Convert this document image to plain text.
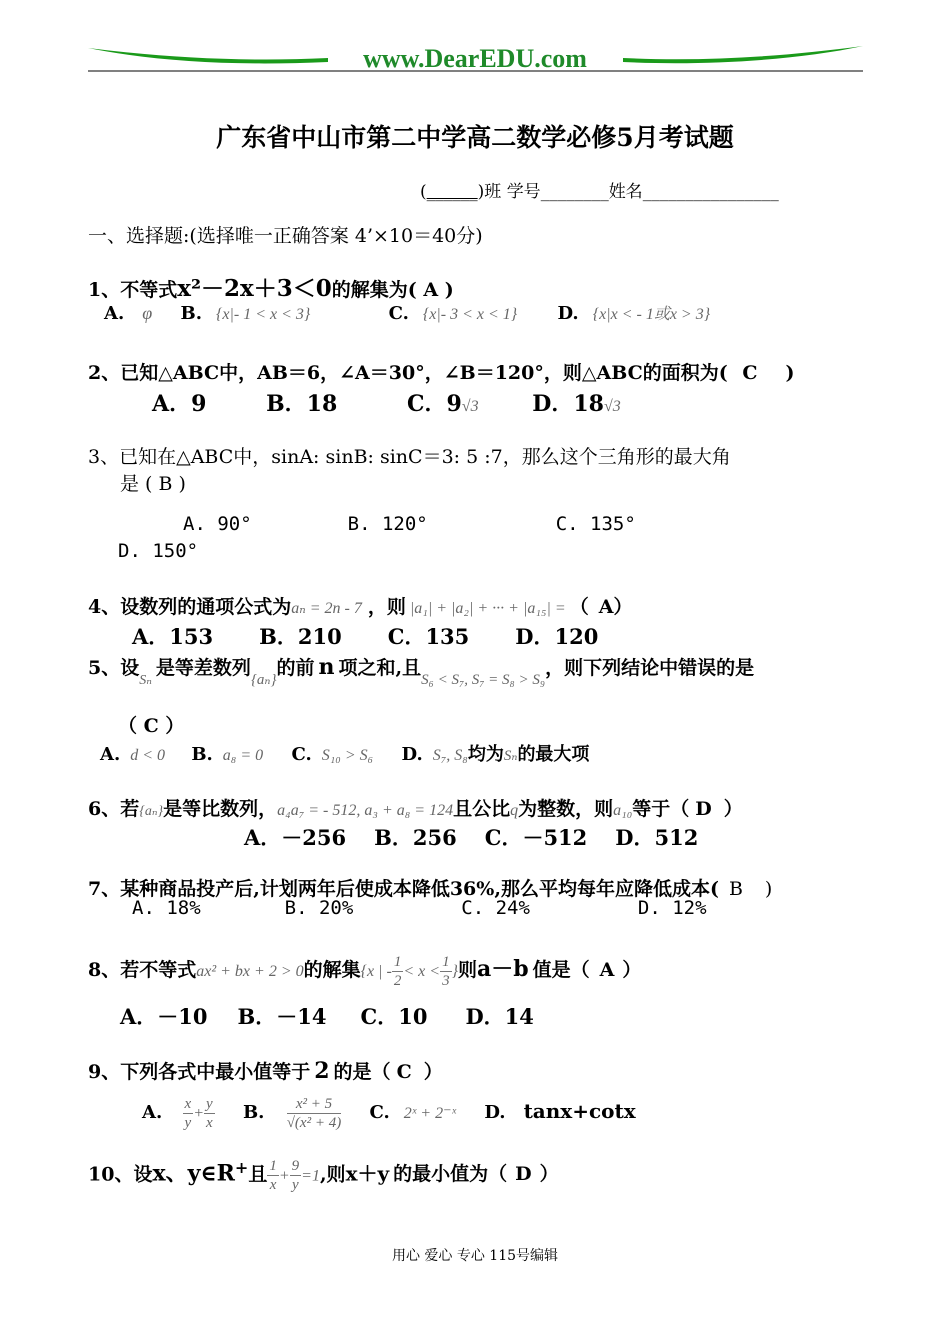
www.DearEDU.com
广东省中山市第二中学高二数学必修5月考试题
(______)班 学号________姓名________________
一、选择题:(选择唯一正确答案 4’×10＝40分)
1、不等式x²－2x＋3＜0的解集为( A )
A. φ B. {x|- 1 < x < 3}	C. {x|- 3 < x < 1} D. {x|x < - 1或x > 3}
2、已知△ABC中，AB＝6，∠A＝30°，∠B＝120°，则△ABC的面积为( C )
A．9	B．18	C．9√3 D．18√3
3、已知在△ABC中，sinA: sinB: sinC＝3: 5 :7，那么这个三角形的最大角
是 ( B )
A. 90°	B. 120°	C. 135°
D. 150°
4、设数列的通项公式为aₙ = 2n - 7 ，则 |a₁| + |a₂| + ··· + |a₁₅| = （ A）
A．153 B．210 C．135 D．120
5、设$_{S_n}$是等差数列$_{\{a_n\}}$的前 n 项之和,且$_{S_6 < S_7, S_7 = S_8 > S_9}$，则下列结论中错误的是
（ C ）
A. d < 0 B. a₈ = 0 C. S₁₀ > S₆ D. S₇, S₈均为Sₙ的最大项
6、若{aₙ}是等比数列，a₄a₇ = - 512, a₃ + a₈ = 124且公比q为整数，则a₁₀等于（ D ）
A．－256 B．256 C．－512 D．512
7、某种商品投产后,计划两年后使成本降低36%,那么平均每年应降低成本( B )
A. 18%	B. 20%	C. 24%	D. 12%
8、若不等式ax² + bx + 2 > 0的解集{x | - $\frac{1}{2} < x < \frac{1}{3}$ }则a－b 值是（ A ）
A．－10 B．－14 C．10 D．14
9、下列各式中最小值等于 2 的是（ C ）
A. $\frac{x}{y} + \frac{y}{x} B$. $\frac{\text{x² + 5}}{\text{√(x² + 4)}} C$. 2ˣ + 2⁻ˣ D. tanx+cotx
10、设x、y∈R+且 $\frac{1}{x} + \frac{9}{y} =1$,则x＋y 的最小值为（ D ）
用心 爱心 专心 115号编辑
